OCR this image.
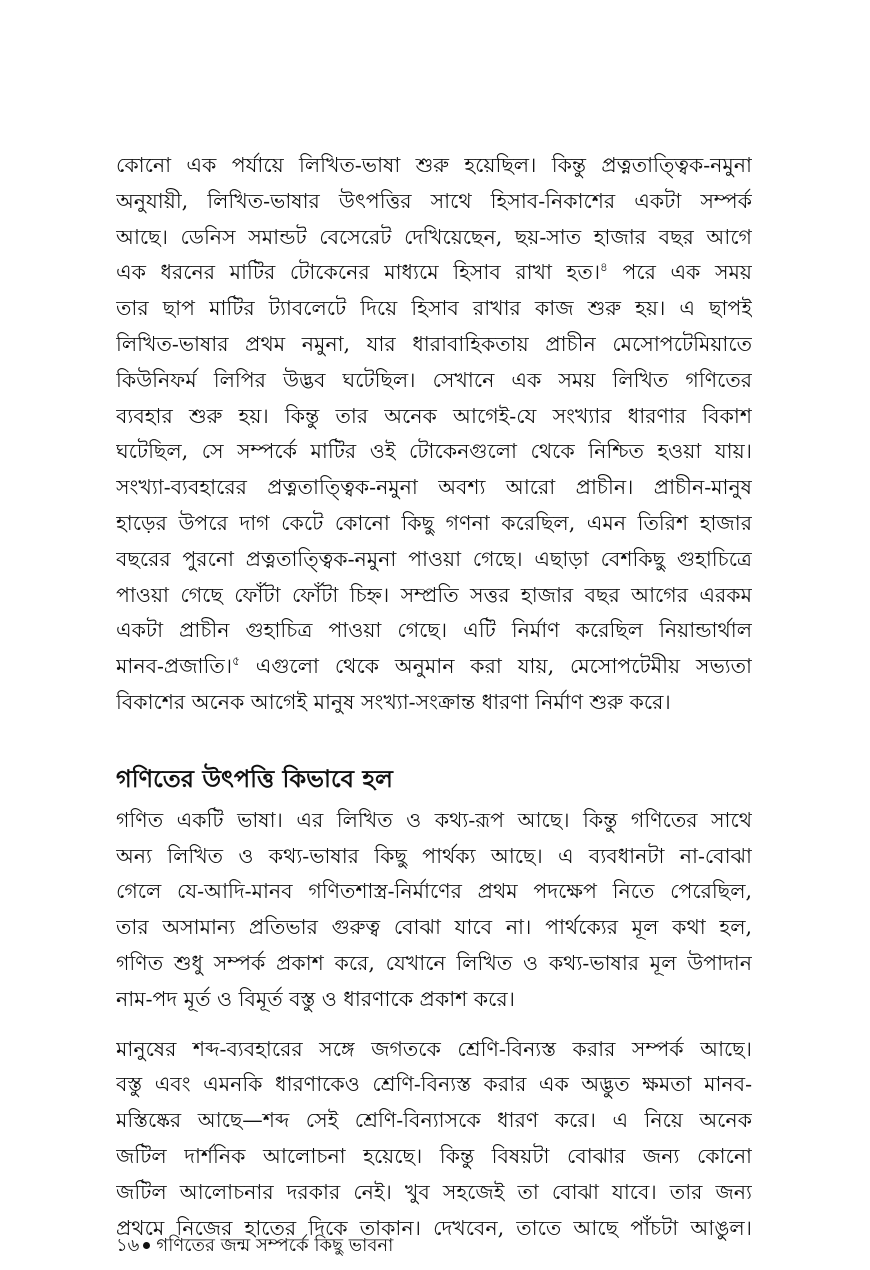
কোনো এক পর্যায়ে লিখিত-ভাষা শুরু হয়েছিল। কিন্তু প্রত্নতাত্ত্বিক-নমুনা
অনুযায়ী, লিখিত-ভাষার উৎপত্তির সাথে হিসাব-নিকাশের একটা সম্পর্ক
আছে। ডেনিস সমান্ডট বেসেরেট দেখিয়েছেন, ছয়-সাত হাজার বছর আগে
এক ধরনের মাটির টোকেনের মাধ্যমে হিসাব রাখা হত।$^৪$ পরে এক সময়
তার ছাপ মাটির ট্যাবলেটে দিয়ে হিসাব রাখার কাজ শুরু হয়। এ ছাপই
লিখিত-ভাষার প্রথম নমুনা, যার ধারাবাহিকতায় প্রাচীন মেসোপটেমিয়াতে
কিউনিফর্ম লিপির উদ্ভব ঘটেছিল। সেখানে এক সময় লিখিত গণিতের
ব্যবহার শুরু হয়। কিন্তু তার অনেক আগেই-যে সংখ্যার ধারণার বিকাশ
ঘটেছিল, সে সম্পর্কে মাটির ওই টোকেনগুলো থেকে নিশ্চিত হওয়া যায়।
সংখ্যা-ব্যবহারের প্রত্নতাত্ত্বিক-নমুনা অবশ্য আরো প্রাচীন। প্রাচীন-মানুষ
হাড়ের উপরে দাগ কেটে কোনো কিছু গণনা করেছিল, এমন তিরিশ হাজার
বছরের পুরনো প্রত্নতাত্ত্বিক-নমুনা পাওয়া গেছে। এছাড়া বেশকিছু গুহাচিত্রে
পাওয়া গেছে ফোঁটা ফোঁটা চিহ্ন। সম্প্রতি সত্তর হাজার বছর আগের এরকম
একটা প্রাচীন গুহাচিত্র পাওয়া গেছে। এটি নির্মাণ করেছিল নিয়ান্ডার্থাল
মানব-প্রজাতি।$^৫$ এগুলো থেকে অনুমান করা যায়, মেসোপটেমীয় সভ্যতা
বিকাশের অনেক আগেই মানুষ সংখ্যা-সংক্রান্ত ধারণা নির্মাণ শুরু করে।
গণিতের উৎপত্তি কিভাবে হল
গণিত একটি ভাষা। এর লিখিত ও কথ্য-রূপ আছে। কিন্তু গণিতের সাথে
অন্য লিখিত ও কথ্য-ভাষার কিছু পার্থক্য আছে। এ ব্যবধানটা না-বোঝা
গেলে যে-আদি-মানব গণিতশাস্ত্র-নির্মাণের প্রথম পদক্ষেপ নিতে পেরেছিল,
তার অসামান্য প্রতিভার গুরুত্ব বোঝা যাবে না। পার্থক্যের মূল কথা হল,
গণিত শুধু সম্পর্ক প্রকাশ করে, যেখানে লিখিত ও কথ্য-ভাষার মূল উপাদান
নাম-পদ মূর্ত ও বিমূর্ত বস্তু ও ধারণাকে প্রকাশ করে।
মানুষের শব্দ-ব্যবহারের সঙ্গে জগতকে শ্রেণি-বিন্যস্ত করার সম্পর্ক আছে।
বস্তু এবং এমনকি ধারণাকেও শ্রেণি-বিন্যস্ত করার এক অদ্ভুত ক্ষমতা মানব-
মস্তিষ্কের আছে—শব্দ সেই শ্রেণি-বিন্যাসকে ধারণ করে। এ নিয়ে অনেক
জটিল দার্শনিক আলোচনা হয়েছে। কিন্তু বিষয়টা বোঝার জন্য কোনো
জটিল আলোচনার দরকার নেই। খুব সহজেই তা বোঝা যাবে। তার জন্য
প্রথমে নিজের হাতের দিকে তাকান। দেখবেন, তাতে আছে পাঁচটা আঙুল।
১৬ গণিতের জন্ম সম্পর্কে কিছু ভাবনা
